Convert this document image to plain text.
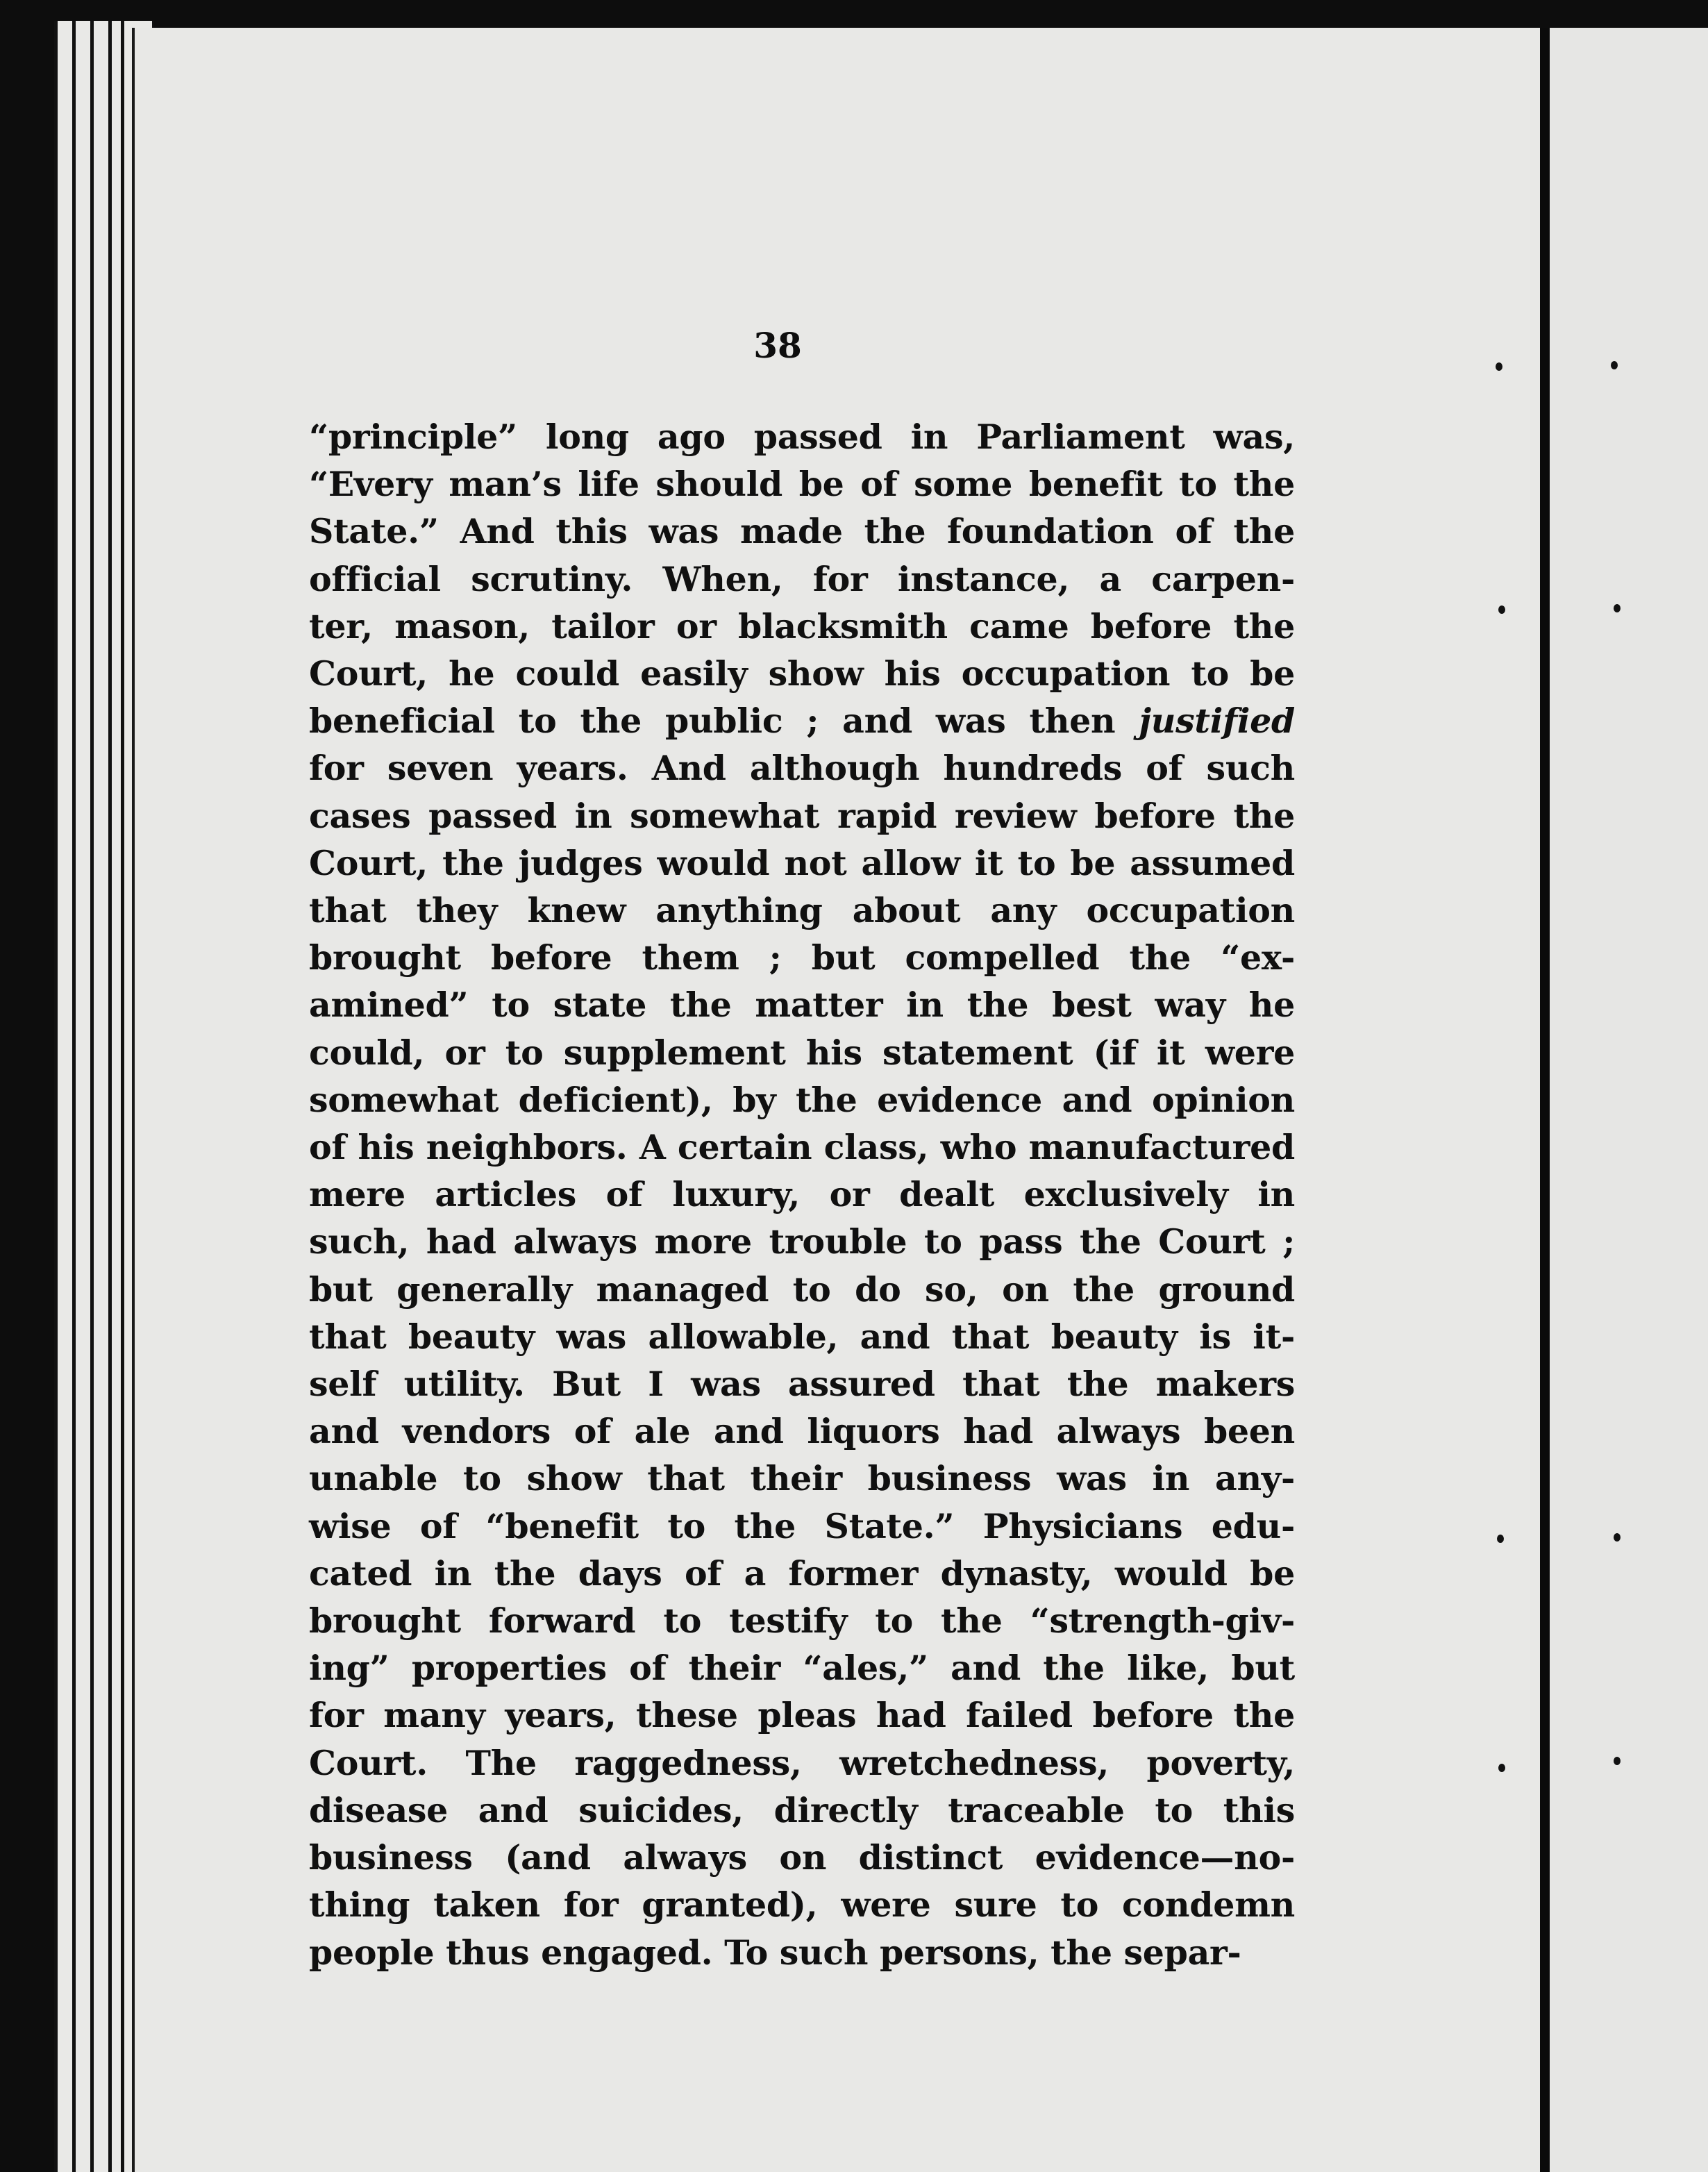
38
“principle” long ago passed in Parliament was,
“Every man’s life should be of some benefit to the
State.” And this was made the foundation of the
official scrutiny. When, for instance, a carpen-
ter, mason, tailor or blacksmith came before the
Court, he could easily show his occupation to be
beneficial to the public ; and was then justified
for seven years. And although hundreds of such
cases passed in somewhat rapid review before the
Court, the judges would not allow it to be assumed
that they knew anything about any occupation
brought before them ; but compelled the “ex-
amined” to state the matter in the best way he
could, or to supplement his statement (if it were
somewhat deficient), by the evidence and opinion
of his neighbors. A certain class, who manufactured
mere articles of luxury, or dealt exclusively in
such, had always more trouble to pass the Court ;
but generally managed to do so, on the ground
that beauty was allowable, and that beauty is it-
self utility. But I was assured that the makers
and vendors of ale and liquors had always been
unable to show that their business was in any-
wise of “benefit to the State.” Physicians edu-
cated in the days of a former dynasty, would be
brought forward to testify to the “strength-giv-
ing” properties of their “ales,” and the like, but
for many years, these pleas had failed before the
Court. The raggedness, wretchedness, poverty,
disease and suicides, directly traceable to this
business (and always on distinct evidence—no-
thing taken for granted), were sure to condemn
people thus engaged. To such persons, the separ-
